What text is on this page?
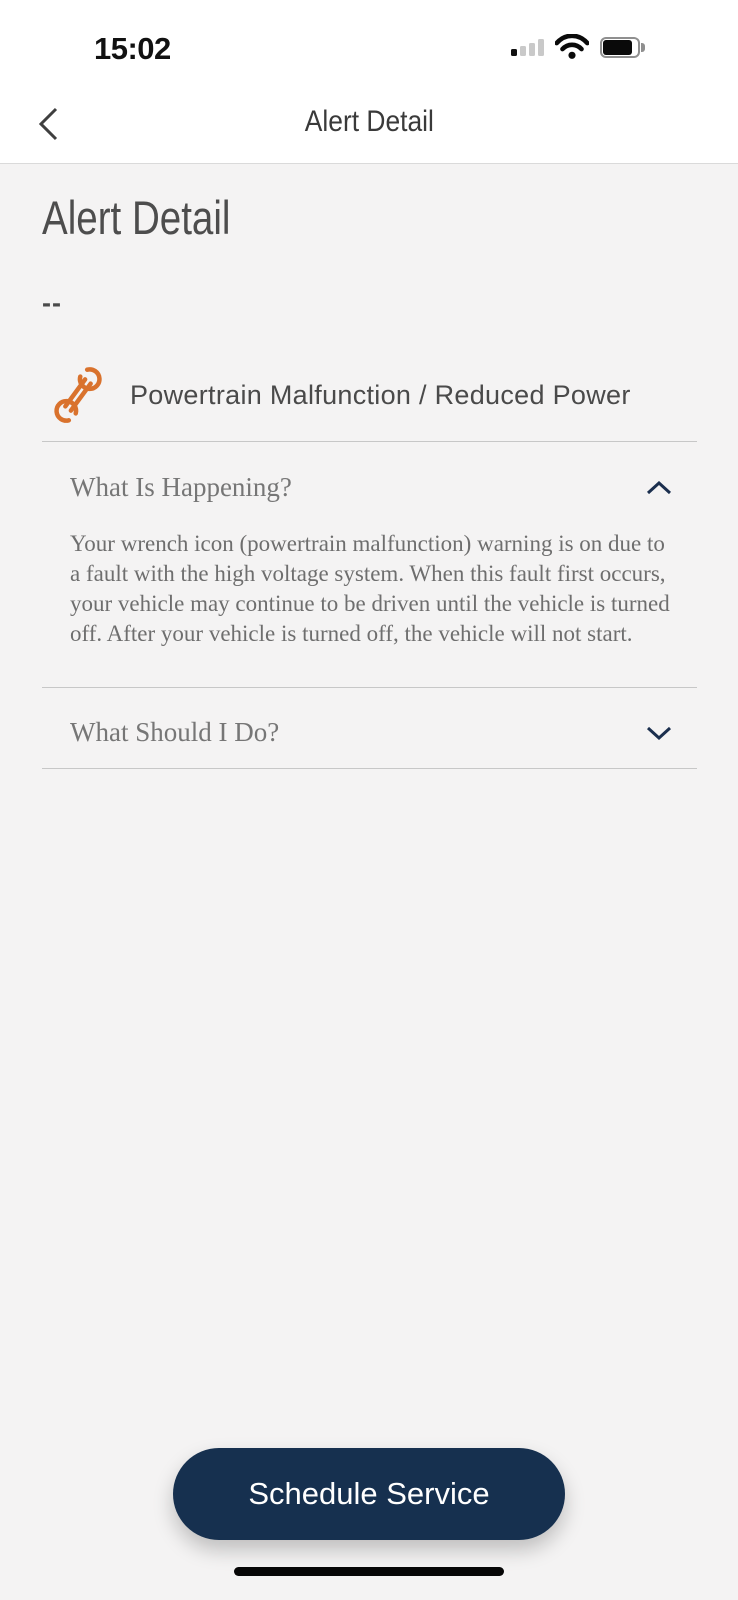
15:02
Alert Detail
Alert Detail
--
Powertrain Malfunction / Reduced Power
What Is Happening?

Your wrench icon (powertrain malfunction) warning is on due to a fault with the high voltage system. When this fault first occurs, your vehicle may continue to be driven until the vehicle is turned off. After your vehicle is turned off, the vehicle will not start.

What Should I Do?
Schedule Service
